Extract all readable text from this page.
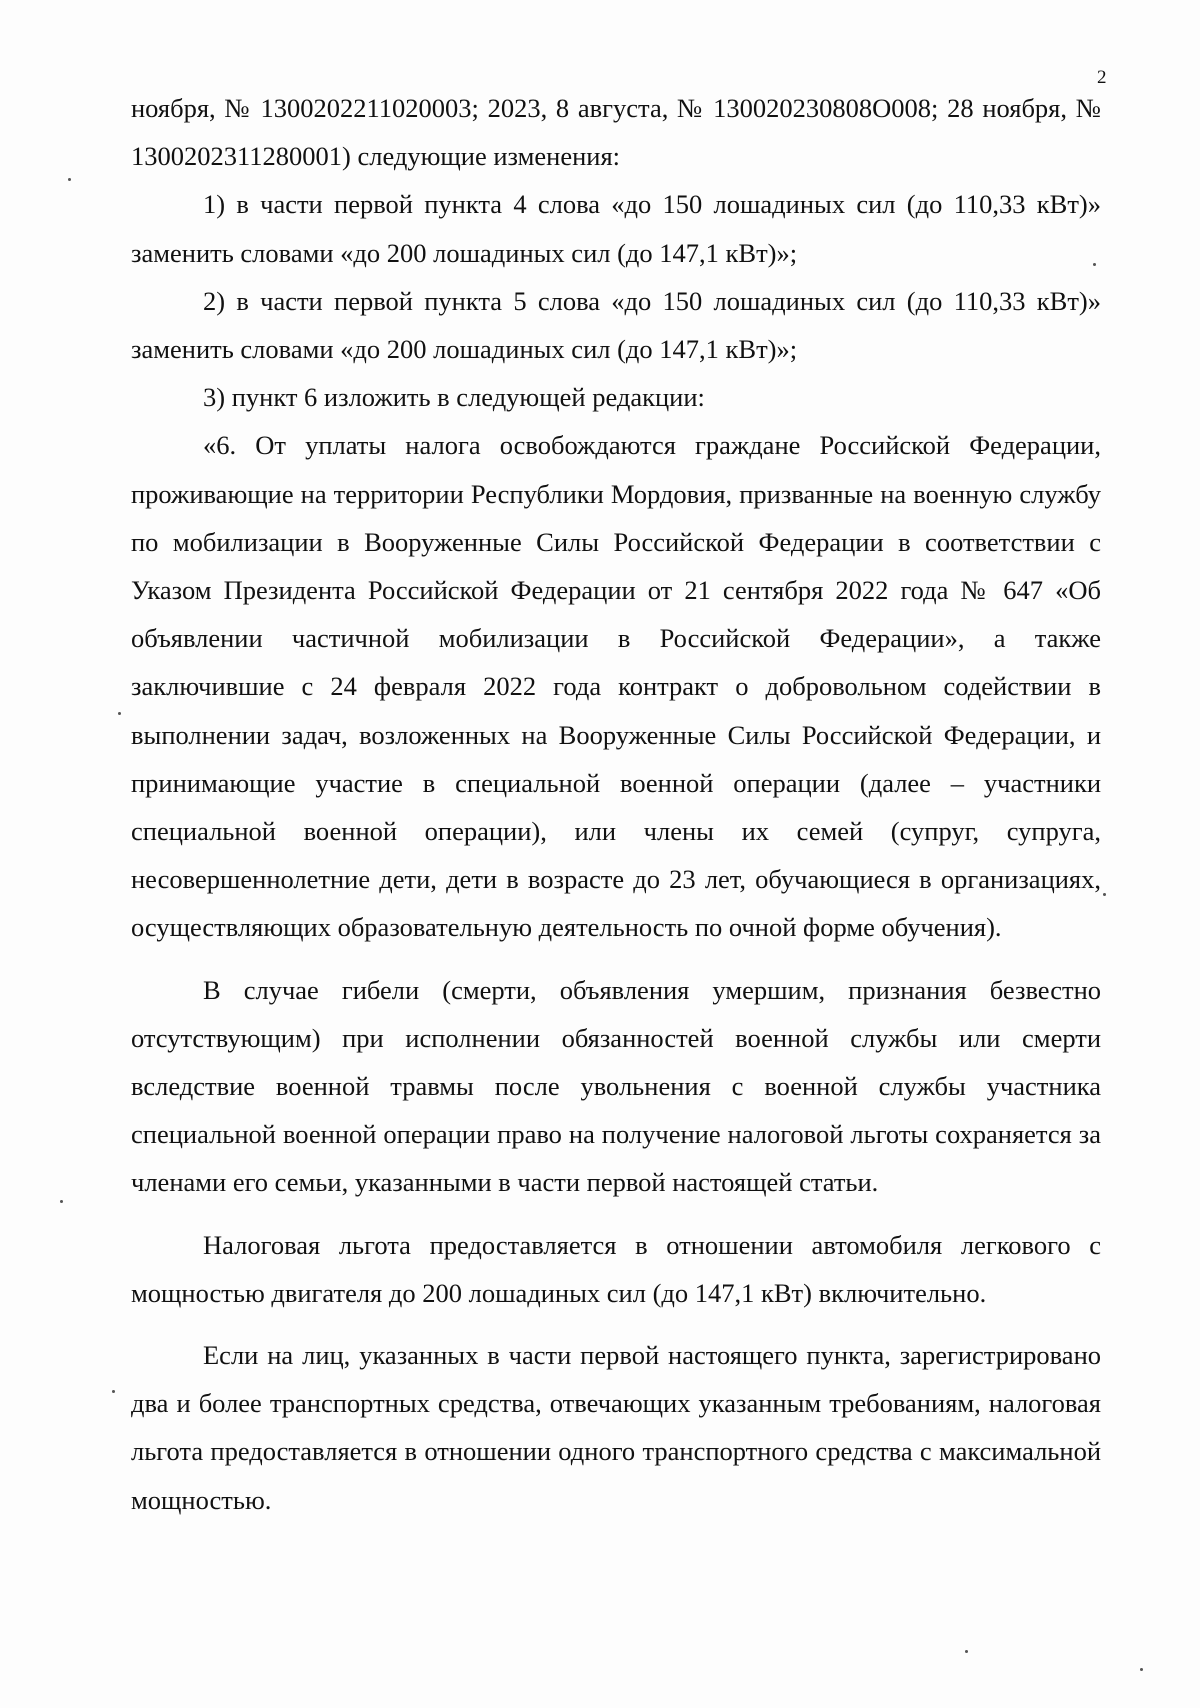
2

ноября, № 1300202211020003; 2023, 8 августа, № 130020230808О008; 28 ноября, № 1300202311280001) следующие изменения:

1) в части первой пункта 4 слова «до 150 лошадиных сил (до 110,33 кВт)» заменить словами «до 200 лошадиных сил (до 147,1 кВт)»;

2) в части первой пункта 5 слова «до 150 лошадиных сил (до 110,33 кВт)» заменить словами «до 200 лошадиных сил (до 147,1 кВт)»;

3) пункт 6 изложить в следующей редакции:

«6. От уплаты налога освобождаются граждане Российской Федерации, проживающие на территории Республики Мордовия, призванные на военную службу по мобилизации в Вооруженные Силы Российской Федерации в соответствии с Указом Президента Российской Федерации от 21 сентября 2022 года № 647 «Об объявлении частичной мобилизации в Российской Федерации», а также заключившие с 24 февраля 2022 года контракт о добровольном содействии в выполнении задач, возложенных на Вооруженные Силы Российской Федерации, и принимающие участие в специальной военной операции (далее – участники специальной военной операции), или члены их семей (супруг, супруга, несовершеннолетние дети, дети в возрасте до 23 лет, обучающиеся в организациях, осуществляющих образовательную деятельность по очной форме обучения).

В случае гибели (смерти, объявления умершим, признания безвестно отсутствующим) при исполнении обязанностей военной службы или смерти вследствие военной травмы после увольнения с военной службы участника специальной военной операции право на получение налоговой льготы сохраняется за членами его семьи, указанными в части первой настоящей статьи.

Налоговая льгота предоставляется в отношении автомобиля легкового с мощностью двигателя до 200 лошадиных сил (до 147,1 кВт) включительно.

Если на лиц, указанных в части первой настоящего пункта, зарегистрировано два и более транспортных средства, отвечающих указанным требованиям, налоговая льгота предоставляется в отношении одного транспортного средства с максимальной мощностью.
